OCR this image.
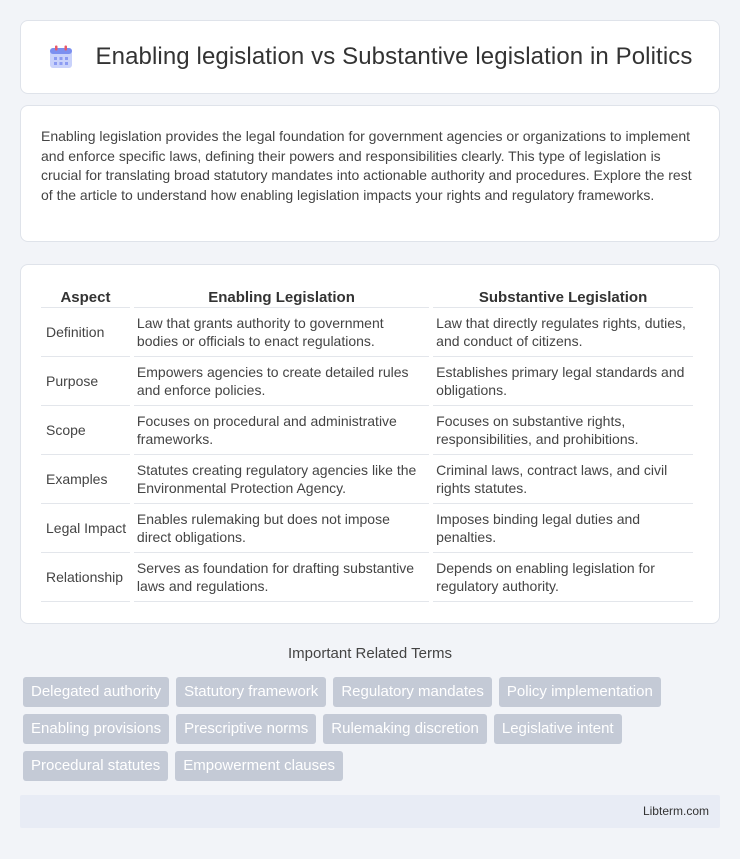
Enabling legislation vs Substantive legislation in Politics

Enabling legislation provides the legal foundation for government agencies or organizations to implement and enforce specific laws, defining their powers and responsibilities clearly. This type of legislation is crucial for translating broad statutory mandates into actionable authority and procedures. Explore the rest of the article to understand how enabling legislation impacts your rights and regulatory frameworks.

Aspect	Enabling Legislation	Substantive Legislation
Definition	Law that grants authority to government bodies or officials to enact regulations.	Law that directly regulates rights, duties, and conduct of citizens.
Purpose	Empowers agencies to create detailed rules and enforce policies.	Establishes primary legal standards and obligations.
Scope	Focuses on procedural and administrative frameworks.	Focuses on substantive rights, responsibilities, and prohibitions.
Examples	Statutes creating regulatory agencies like the Environmental Protection Agency.	Criminal laws, contract laws, and civil rights statutes.
Legal Impact	Enables rulemaking but does not impose direct obligations.	Imposes binding legal duties and penalties.
Relationship	Serves as foundation for drafting substantive laws and regulations.	Depends on enabling legislation for regulatory authority.
Important Related Terms
Delegated authority	Statutory framework	Regulatory mandates	Policy implementation
Enabling provisions	Prescriptive norms	Rulemaking discretion	Legislative intent
Procedural statutes	Empowerment clauses
Libterm.com
